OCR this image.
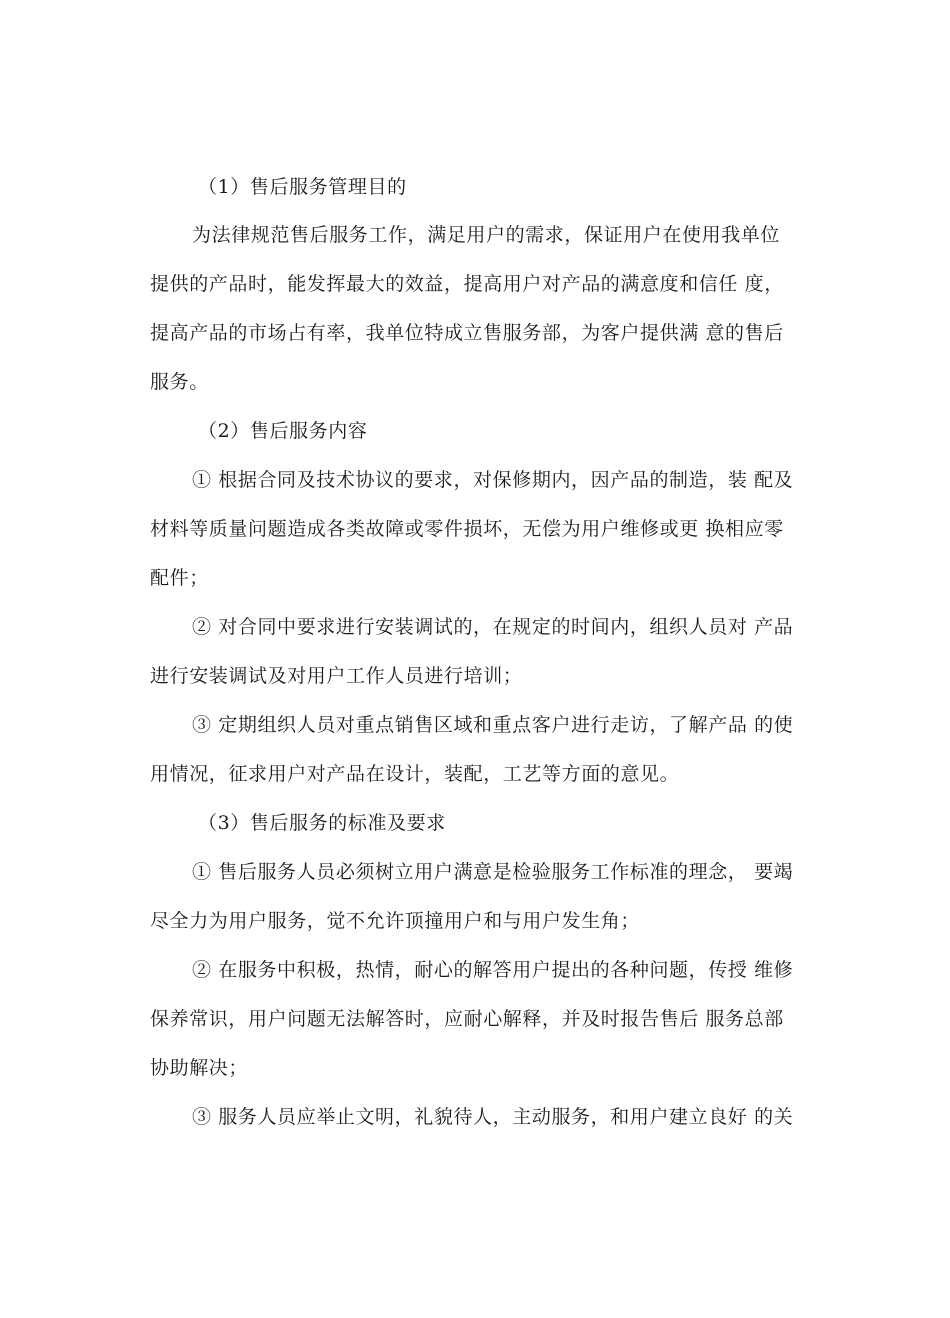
（1）售后服务管理目的
为法律规范售后服务工作，满足用户的需求，保证用户在使用我单位
提供的产品时，能发挥最大的效益，提高用户对产品的满意度和信任 度，
提高产品的市场占有率，我单位特成立售服务部，为客户提供满 意的售后
服务。
（2）售后服务内容
① 根据合同及技术协议的要求，对保修期内，因产品的制造，装 配及
材料等质量问题造成各类故障或零件损坏，无偿为用户维修或更 换相应零
配件；
② 对合同中要求进行安装调试的，在规定的时间内，组织人员对 产品
进行安装调试及对用户工作人员进行培训；
③ 定期组织人员对重点销售区域和重点客户进行走访，了解产品 的使
用情况，征求用户对产品在设计，装配，工艺等方面的意见。
（3）售后服务的标准及要求
① 售后服务人员必须树立用户满意是检验服务工作标准的理念， 要竭
尽全力为用户服务，觉不允许顶撞用户和与用户发生角；
② 在服务中积极，热情，耐心的解答用户提出的各种问题，传授 维修
保养常识，用户问题无法解答时，应耐心解释，并及时报告售后 服务总部
协助解决；
③ 服务人员应举止文明，礼貌待人，主动服务，和用户建立良好 的关
